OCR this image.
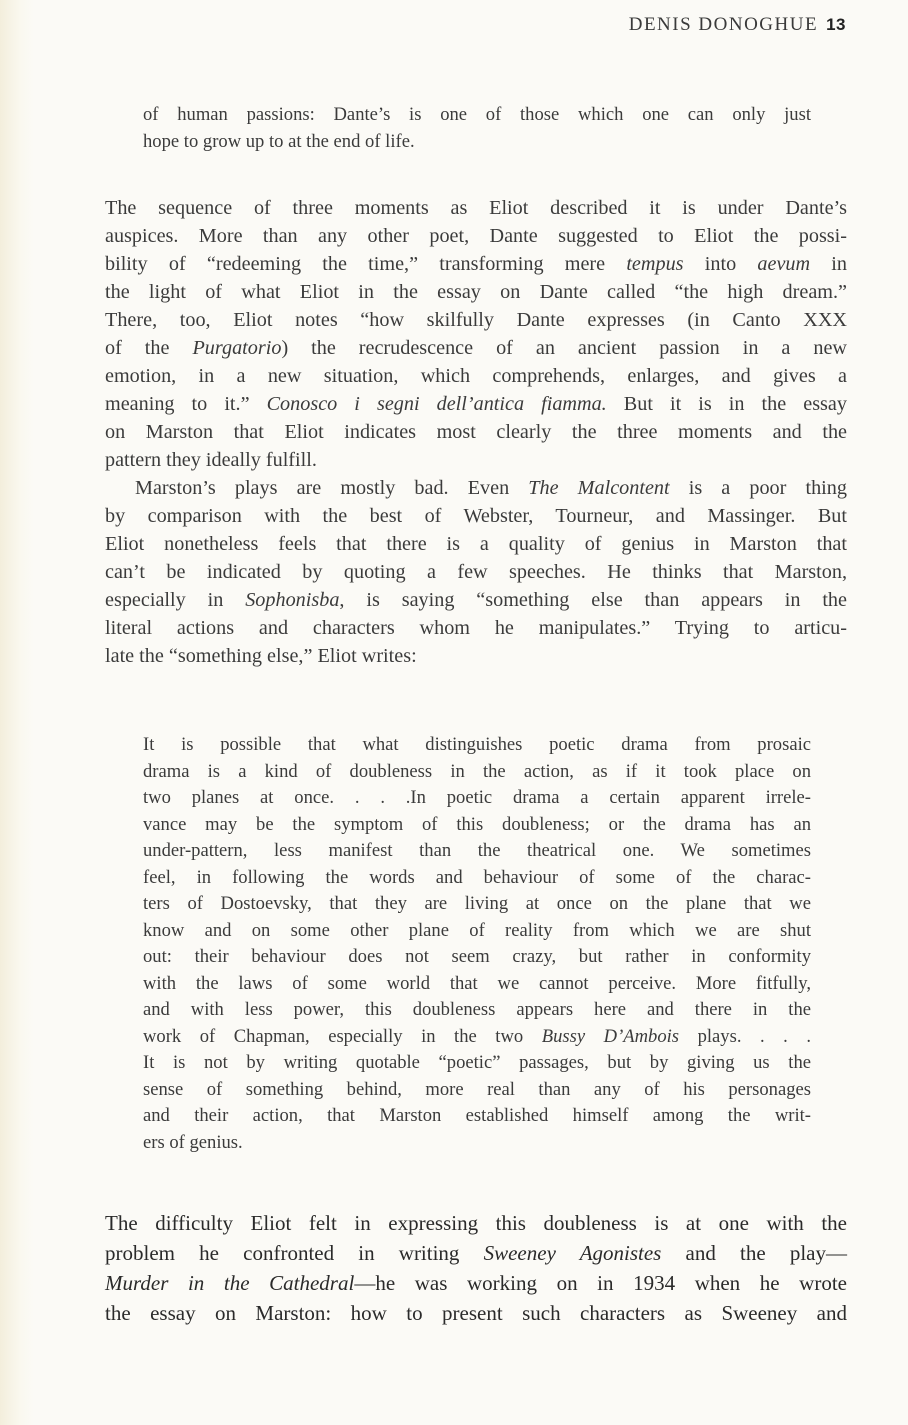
DENIS DONOGHUE 13
of human passions: Dante’s is one of those which one can only just
hope to grow up to at the end of life.
The sequence of three moments as Eliot described it is under Dante’s
auspices. More than any other poet, Dante suggested to Eliot the possi-
bility of “redeeming the time,” transforming mere tempus into aevum in
the light of what Eliot in the essay on Dante called “the high dream.”
There, too, Eliot notes “how skilfully Dante expresses (in Canto XXX
of the Purgatorio) the recrudescence of an ancient passion in a new
emotion, in a new situation, which comprehends, enlarges, and gives a
meaning to it.” Conosco i segni dell’antica fiamma. But it is in the essay
on Marston that Eliot indicates most clearly the three moments and the
pattern they ideally fulfill.
Marston’s plays are mostly bad. Even The Malcontent is a poor thing
by comparison with the best of Webster, Tourneur, and Massinger. But
Eliot nonetheless feels that there is a quality of genius in Marston that
can’t be indicated by quoting a few speeches. He thinks that Marston,
especially in Sophonisba, is saying “something else than appears in the
literal actions and characters whom he manipulates.” Trying to articu-
late the “something else,” Eliot writes:
It is possible that what distinguishes poetic drama from prosaic
drama is a kind of doubleness in the action, as if it took place on
two planes at once. . . .In poetic drama a certain apparent irrele-
vance may be the symptom of this doubleness; or the drama has an
under-pattern, less manifest than the theatrical one. We sometimes
feel, in following the words and behaviour of some of the charac-
ters of Dostoevsky, that they are living at once on the plane that we
know and on some other plane of reality from which we are shut
out: their behaviour does not seem crazy, but rather in conformity
with the laws of some world that we cannot perceive. More fitfully,
and with less power, this doubleness appears here and there in the
work of Chapman, especially in the two Bussy D’Ambois plays. . . .
It is not by writing quotable “poetic” passages, but by giving us the
sense of something behind, more real than any of his personages
and their action, that Marston established himself among the writ-
ers of genius.
The difficulty Eliot felt in expressing this doubleness is at one with the
problem he confronted in writing Sweeney Agonistes and the play—
Murder in the Cathedral—he was working on in 1934 when he wrote
the essay on Marston: how to present such characters as Sweeney and
